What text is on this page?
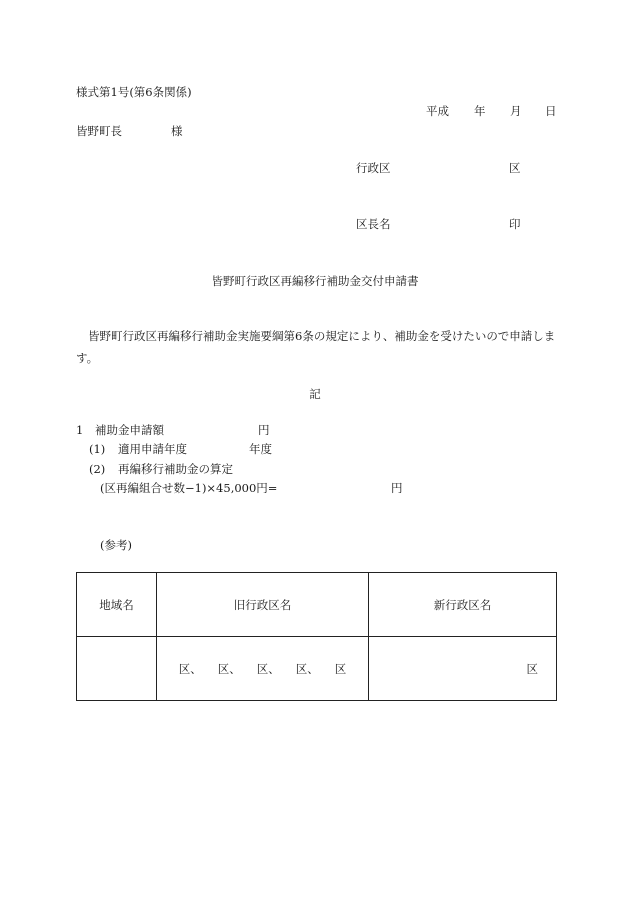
様式第1号(第6条関係)
平成 年 月 日
皆野町長	様
行政区	区
区長名	印
皆野町行政区再編移行補助金交付申請書
皆野町行政区再編移行補助金実施要綱第6条の規定により、補助金を受けたいので申請します。
記
1 補助金申請額	円
(1) 適用申請年度	年度
(2) 再編移行補助金の算定
(区再編組合せ数−1)×45,000円=	円
(参考)
地域名	旧行政区名	新行政区名

	区、 区、 区、 区、 区	区
